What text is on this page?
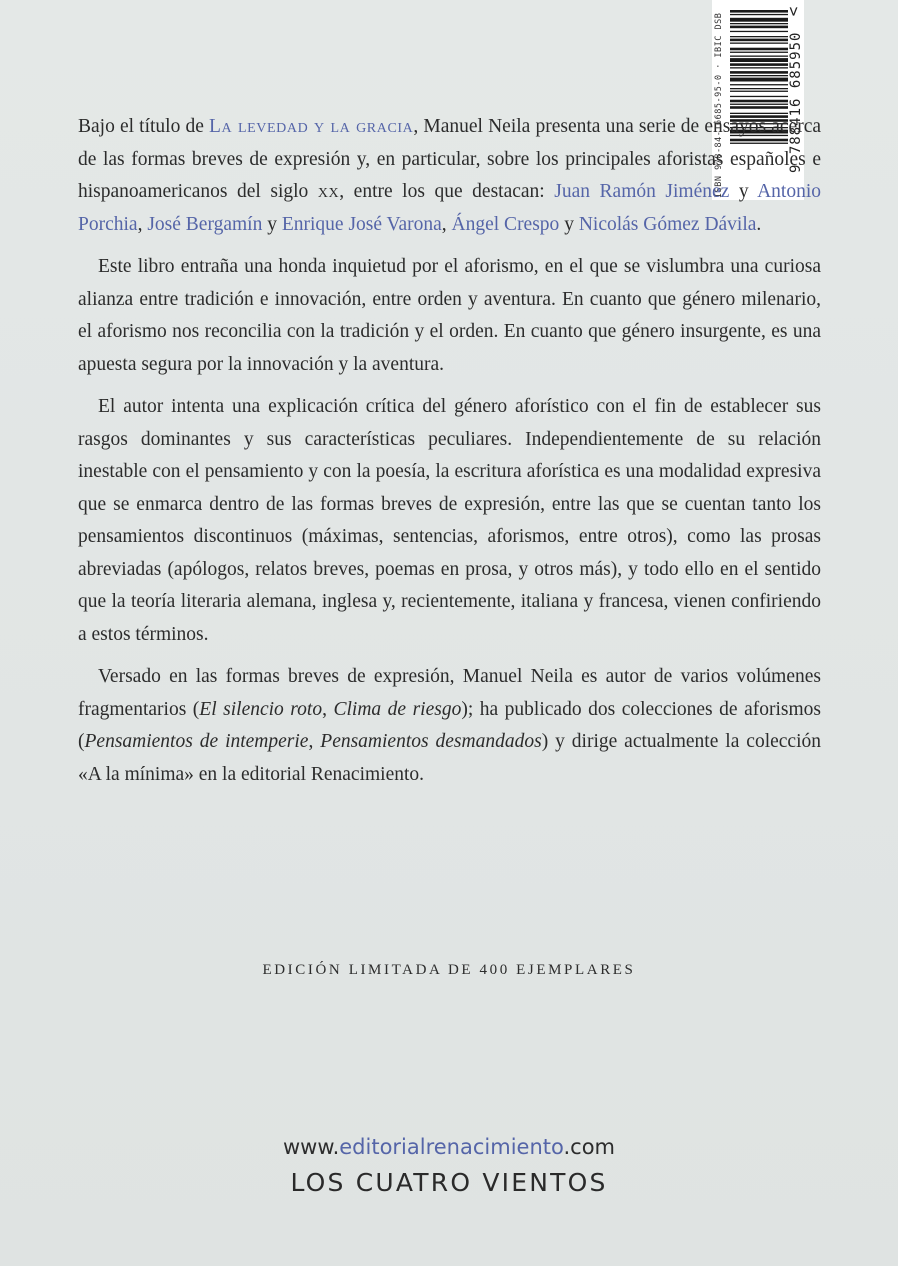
ISBN 978-84-16685-95-0 · IBIC DSB	9 788416 685950
>

Bajo el título de La levedad y la gracia, Manuel Neila presenta una serie de ensayos acerca de las formas breves de expresión y, en particular, sobre los principales aforistas españoles e hispanoamericanos del siglo xx, entre los que destacan: Juan Ramón Jiménez y Antonio Porchia, José Bergamín y Enrique José Varona, Ángel Crespo y Nicolás Gómez Dávila.

Este libro entraña una honda inquietud por el aforismo, en el que se vislumbra una curiosa alianza entre tradición e innovación, entre orden y aventura. En cuanto que género milenario, el aforismo nos reconcilia con la tradición y el orden. En cuanto que género insurgente, es una apuesta segura por la innovación y la aventura.

El autor intenta una explicación crítica del género aforístico con el fin de establecer sus rasgos dominantes y sus características peculiares. Independientemente de su relación inestable con el pensamiento y con la poesía, la escritura aforística es una modalidad expresiva que se enmarca dentro de las formas breves de expresión, entre las que se cuentan tanto los pensamientos discontinuos (máximas, sentencias, aforismos, entre otros), como las prosas abreviadas (apólogos, relatos breves, poemas en prosa, y otros más), y todo ello en el sentido que la teoría literaria alemana, inglesa y, recientemente, italiana y francesa, vienen confiriendo a estos términos.

Versado en las formas breves de expresión, Manuel Neila es autor de varios volúmenes fragmentarios (El silencio roto, Clima de riesgo); ha publicado dos colecciones de aforismos (Pensamientos de intemperie, Pensamientos desmandados) y dirige actualmente la colección «A la mínima» en la editorial Renacimiento.

EDICIÓN LIMITADA DE 400 EJEMPLARES
www.editorialrenacimiento.com
LOS CUATRO VIENTOS
